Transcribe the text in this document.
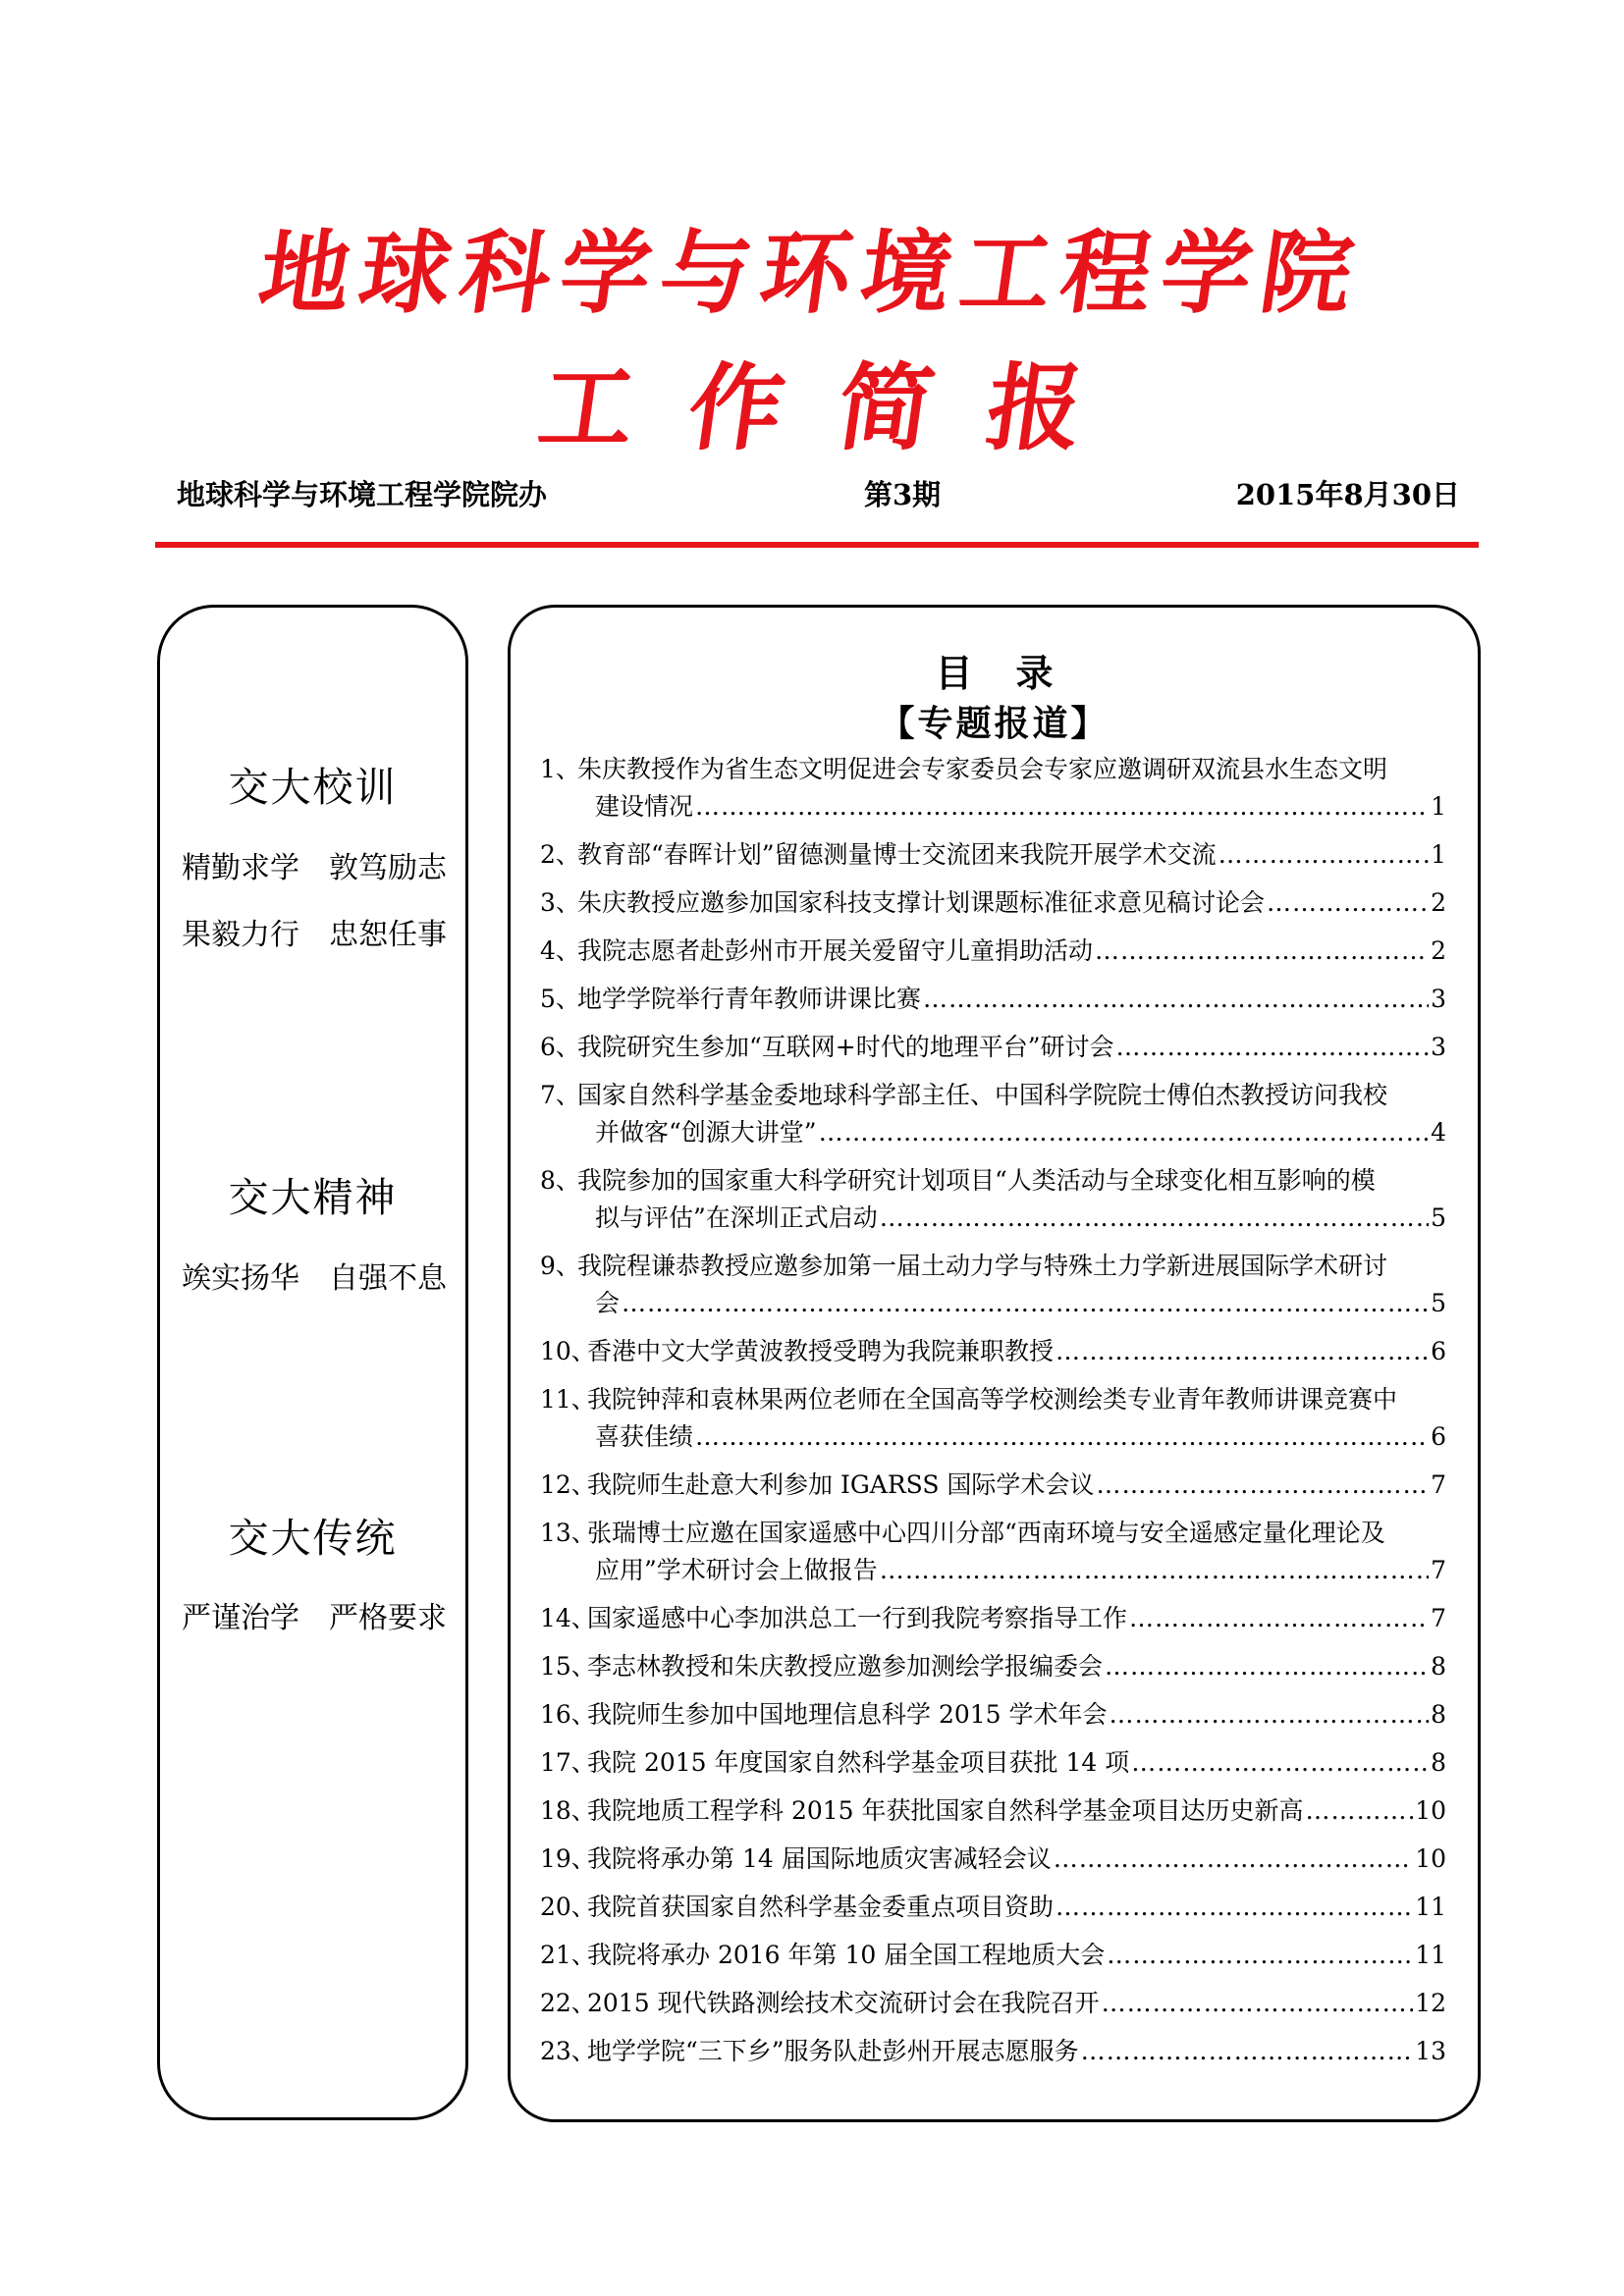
地球科学与环境工程学院
工作简报
地球科学与环境工程学院院办	第3期	2015年8月30日
交大校训
精勤求学 敦笃励志
果毅力行 忠恕任事
交大精神
竢实扬华 自强不息
交大传统
严谨治学 严格要求
目录
【专题报道】
1、
朱庆教授作为省生态文明促进会专家委员会专家应邀调研双流县水生态文明
建设情况 ……………………………………………………………………………………………………………………………………	1
2、
教育部“春晖计划”留德测量博士交流团来我院开展学术交流 ……………………………………………………………………………………………………………………………………	1
3、
朱庆教授应邀参加国家科技支撑计划课题标准征求意见稿讨论会 ……………………………………………………………………………………………………………………………………	2
4、
我院志愿者赴彭州市开展关爱留守儿童捐助活动 ……………………………………………………………………………………………………………………………………	2
5、
地学学院举行青年教师讲课比赛 ……………………………………………………………………………………………………………………………………	3
6、
我院研究生参加“互联网+时代的地理平台”研讨会 ……………………………………………………………………………………………………………………………………	3
7、
国家自然科学基金委地球科学部主任、中国科学院院士傅伯杰教授访问我校
并做客“创源大讲堂” ……………………………………………………………………………………………………………………………………	4
8、
我院参加的国家重大科学研究计划项目“人类活动与全球变化相互影响的模
拟与评估”在深圳正式启动 ……………………………………………………………………………………………………………………………………	5
9、
我院程谦恭教授应邀参加第一届土动力学与特殊土力学新进展国际学术研讨
会 ……………………………………………………………………………………………………………………………………	5
10、
香港中文大学黄波教授受聘为我院兼职教授 ……………………………………………………………………………………………………………………………………	6
11、
我院钟萍和袁林果两位老师在全国高等学校测绘类专业青年教师讲课竞赛中
喜获佳绩 ……………………………………………………………………………………………………………………………………	6
12、
我院师生赴意大利参加 IGARSS 国际学术会议 ……………………………………………………………………………………………………………………………………	7
13、
张瑞博士应邀在国家遥感中心四川分部“西南环境与安全遥感定量化理论及
应用”学术研讨会上做报告 ……………………………………………………………………………………………………………………………………	7
14、
国家遥感中心李加洪总工一行到我院考察指导工作 ……………………………………………………………………………………………………………………………………	7
15、
李志林教授和朱庆教授应邀参加测绘学报编委会 ……………………………………………………………………………………………………………………………………	8
16、
我院师生参加中国地理信息科学 2015 学术年会 ……………………………………………………………………………………………………………………………………	8
17、
我院 2015 年度国家自然科学基金项目获批 14 项 ……………………………………………………………………………………………………………………………………	8
18、
我院地质工程学科 2015 年获批国家自然科学基金项目达历史新高 ……………………………………………………………………………………………………………………………………	10
19、
我院将承办第 14 届国际地质灾害减轻会议 ……………………………………………………………………………………………………………………………………	10
20、
我院首获国家自然科学基金委重点项目资助 ……………………………………………………………………………………………………………………………………	11
21、
我院将承办 2016 年第 10 届全国工程地质大会 ……………………………………………………………………………………………………………………………………	11
22、
2015 现代铁路测绘技术交流研讨会在我院召开 ……………………………………………………………………………………………………………………………………	12
23、
地学学院“三下乡”服务队赴彭州开展志愿服务 ……………………………………………………………………………………………………………………………………	13
